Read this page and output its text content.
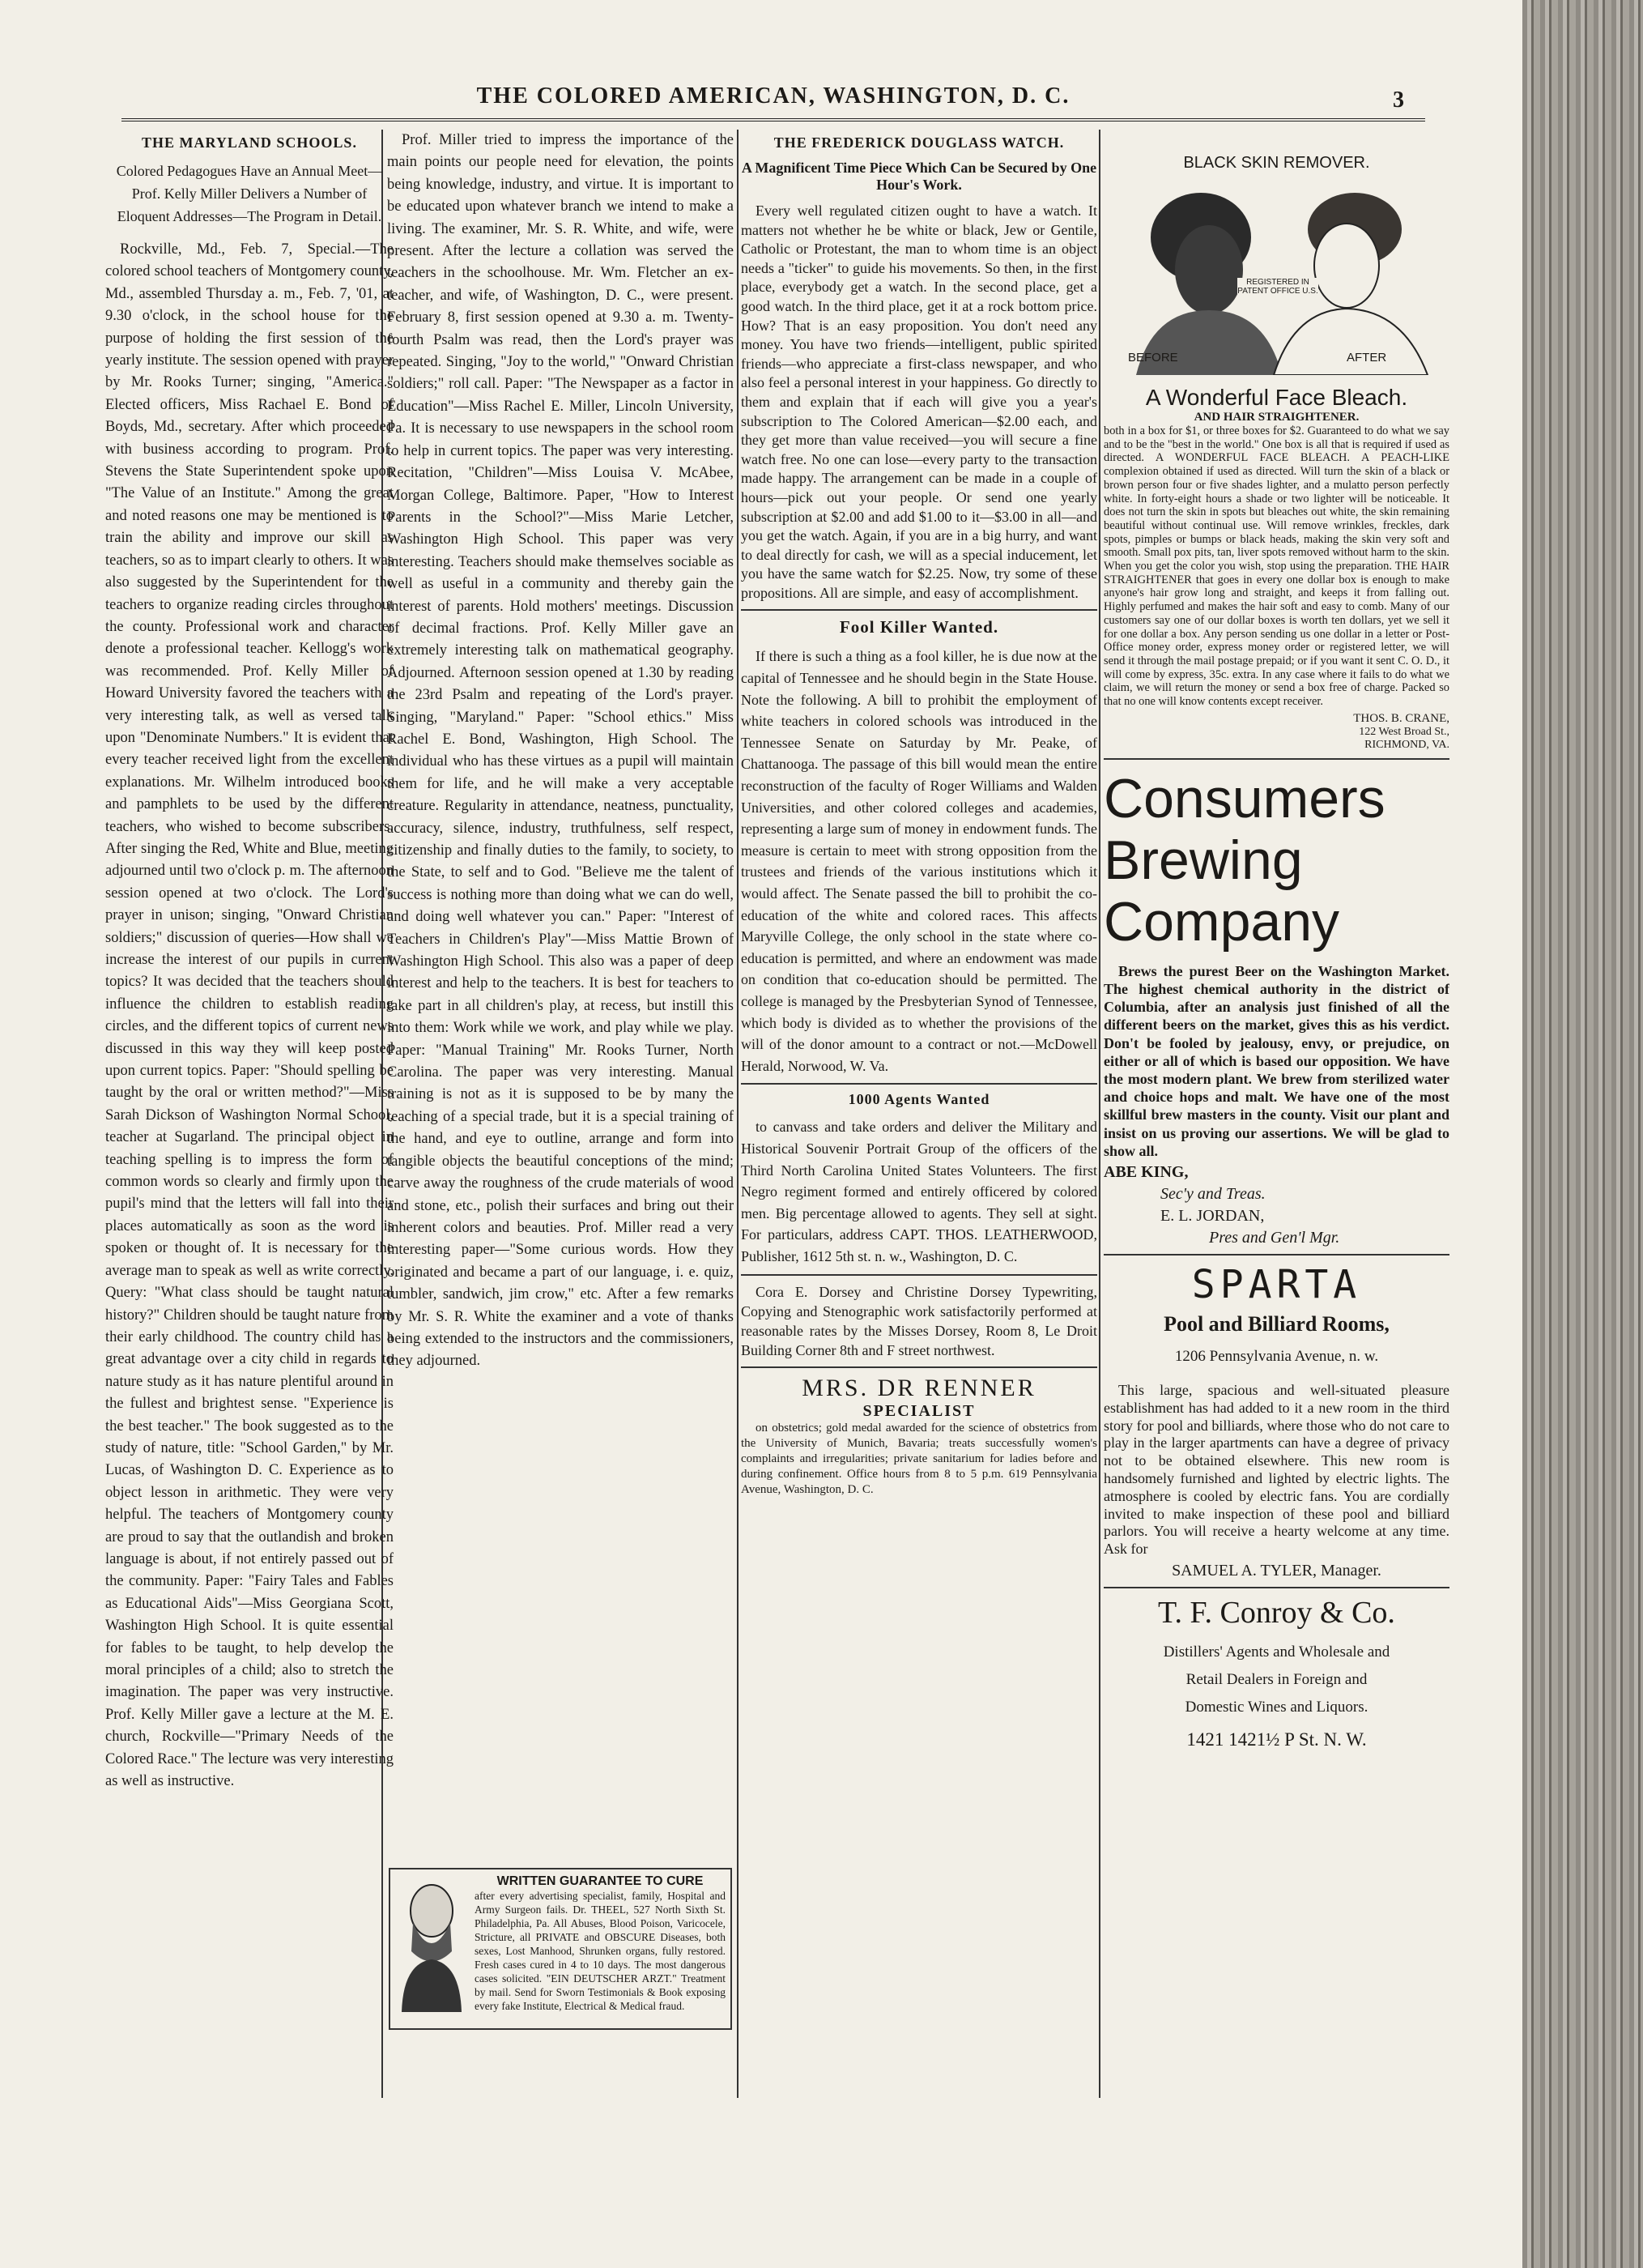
THE COLORED AMERICAN, WASHINGTON, D. C.	3
THE MARYLAND SCHOOLS.
Colored Pedagogues Have an Annual Meet—Prof. Kelly Miller Delivers a Number of Eloquent Addresses—The Program in Detail.

Rockville, Md., Feb. 7, Special.—The colored school teachers of Montgomery county, Md., assembled Thursday a. m., Feb. 7, '01, at 9.30 o'clock, in the school house for the purpose of holding the first session of the yearly institute. The session opened with prayer by Mr. Rooks Turner; singing, "America." Elected officers, Miss Rachael E. Bond of Boyds, Md., secretary. After which proceeded with business according to program. Prof. Stevens the State Superintendent spoke upon "The Value of an Institute." Among the great and noted reasons one may be mentioned is to train the ability and improve our skill as teachers, so as to impart clearly to others. It was also suggested by the Superintendent for the teachers to organize reading circles throughout the county. Professional work and character denote a professional teacher. Kellogg's work was recommended. Prof. Kelly Miller of Howard University favored the teachers with a very interesting talk, as well as versed talk upon "Denominate Numbers." It is evident that every teacher received light from the excellent explanations. Mr. Wilhelm introduced books and pamphlets to be used by the different teachers, who wished to become subscribers. After singing the Red, White and Blue, meeting adjourned until two o'clock p. m. The afternoon session opened at two o'clock. The Lord's prayer in unison; singing, "Onward Christian soldiers;" discussion of queries—How shall we increase the interest of our pupils in current topics? It was decided that the teachers should influence the children to establish reading circles, and the different topics of current news discussed in this way they will keep posted upon current topics. Paper: "Should spelling be taught by the oral or written method?"—Miss Sarah Dickson of Washington Normal School, teacher at Sugarland. The principal object in teaching spelling is to impress the form of common words so clearly and firmly upon the pupil's mind that the letters will fall into their places automatically as soon as the word is spoken or thought of. It is necessary for the average man to speak as well as write correctly. Query: "What class should be taught natural history?" Children should be taught nature from their early childhood. The country child has a great advantage over a city child in regards to nature study as it has nature plentiful around in the fullest and brightest sense. "Experience is the best teacher." The book suggested as to the study of nature, title: "School Garden," by Mr. Lucas, of Washington D. C. Experience as to object lesson in arithmetic. They were very helpful. The teachers of Montgomery county are proud to say that the outlandish and broken language is about, if not entirely passed out of the community. Paper: "Fairy Tales and Fables as Educational Aids"—Miss Georgiana Scott, Washington High School. It is quite essential for fables to be taught, to help develop the moral principles of a child; also to stretch the imagination. The paper was very instructive. Prof. Kelly Miller gave a lecture at the M. E. church, Rockville—"Primary Needs of the Colored Race." The lecture was very interesting as well as instructive.

Prof. Miller tried to impress the importance of the main points our people need for elevation, the points being knowledge, industry, and virtue. It is important to be educated upon whatever branch we intend to make a living. The examiner, Mr. S. R. White, and wife, were present. After the lecture a collation was served the teachers in the schoolhouse. Mr. Wm. Fletcher an ex-teacher, and wife, of Washington, D. C., were present. February 8, first session opened at 9.30 a. m. Twenty-fourth Psalm was read, then the Lord's prayer was repeated. Singing, "Joy to the world," "Onward Christian soldiers;" roll call. Paper: "The Newspaper as a factor in Education"—Miss Rachel E. Miller, Lincoln University, Pa. It is necessary to use newspapers in the school room to help in current topics. The paper was very interesting. Recitation, "Children"—Miss Louisa V. McAbee, Morgan College, Baltimore. Paper, "How to Interest Parents in the School?"—Miss Marie Letcher, Washington High School. This paper was very interesting. Teachers should make themselves sociable as well as useful in a community and thereby gain the interest of parents. Hold mothers' meetings. Discussion of decimal fractions. Prof. Kelly Miller gave an extremely interesting talk on mathematical geography. Adjourned. Afternoon session opened at 1.30 by reading the 23rd Psalm and repeating of the Lord's prayer. Singing, "Maryland." Paper: "School ethics." Miss Rachel E. Bond, Washington, High School. The individual who has these virtues as a pupil will maintain them for life, and he will make a very acceptable creature. Regularity in attendance, neatness, punctuality, accuracy, silence, industry, truthfulness, self respect, citizenship and finally duties to the family, to society, to the State, to self and to God. "Believe me the talent of success is nothing more than doing what we can do well, and doing well whatever you can." Paper: "Interest of Teachers in Children's Play"—Miss Mattie Brown of Washington High School. This also was a paper of deep interest and help to the teachers. It is best for teachers to take part in all children's play, at recess, but instill this into them: Work while we work, and play while we play. Paper: "Manual Training" Mr. Rooks Turner, North Carolina. The paper was very interesting. Manual training is not as it is supposed to be by many the teaching of a special trade, but it is a special training of the hand, and eye to outline, arrange and form into tangible objects the beautiful conceptions of the mind; carve away the roughness of the crude materials of wood and stone, etc., polish their surfaces and bring out their inherent colors and beauties. Prof. Miller read a very interesting paper—"Some curious words. How they originated and became a part of our language, i. e. quiz, tumbler, sandwich, jim crow," etc. After a few remarks by Mr. S. R. White the examiner and a vote of thanks being extended to the instructors and the commissioners, they adjourned.

WRITTEN GUARANTEE TO CURE
after every advertising specialist, family, Hospital and Army Surgeon fails. Dr. THEEL, 527 North Sixth St. Philadelphia, Pa. All Abuses, Blood Poison, Varicocele, Stricture, all PRIVATE and OBSCURE Diseases, both sexes, Lost Manhood, Shrunken organs, fully restored. Fresh cases cured in 4 to 10 days. The most dangerous cases solicited. "EIN DEUTSCHER ARZT." Treatment by mail. Send for Sworn Testimonials & Book exposing every fake Institute, Electrical & Medical fraud.
THE FREDERICK DOUGLASS WATCH.
A Magnificent Time Piece Which Can be Secured by One Hour's Work.

Every well regulated citizen ought to have a watch. It matters not whether he be white or black, Jew or Gentile, Catholic or Protestant, the man to whom time is an object needs a "ticker" to guide his movements. So then, in the first place, everybody get a watch. In the second place, get a good watch. In the third place, get it at a rock bottom price. How? That is an easy proposition. You don't need any money. You have two friends—intelligent, public spirited friends—who appreciate a first-class newspaper, and who also feel a personal interest in your happiness. Go directly to them and explain that if each will give you a year's subscription to The Colored American—$2.00 each, and they get more than value received—you will secure a fine watch free. No one can lose—every party to the transaction made happy. The arrangement can be made in a couple of hours—pick out your people. Or send one yearly subscription at $2.00 and add $1.00 to it—$3.00 in all—and you get the watch. Again, if you are in a big hurry, and want to deal directly for cash, we will as a special inducement, let you have the same watch for $2.25. Now, try some of these propositions. All are simple, and easy of accomplishment.

Fool Killer Wanted.

If there is such a thing as a fool killer, he is due now at the capital of Tennessee and he should begin in the State House. Note the following. A bill to prohibit the employment of white teachers in colored schools was introduced in the Tennessee Senate on Saturday by Mr. Peake, of Chattanooga. The passage of this bill would mean the entire reconstruction of the faculty of Roger Williams and Walden Universities, and other colored colleges and academies, representing a large sum of money in endowment funds. The measure is certain to meet with strong opposition from the trustees and friends of the various institutions which it would affect. The Senate passed the bill to prohibit the co-education of the white and colored races. This affects Maryville College, the only school in the state where co-education is permitted, and where an endowment was made on condition that co-education should be permitted. The college is managed by the Presbyterian Synod of Tennessee, which body is divided as to whether the provisions of the will of the donor amount to a contract or not.—McDowell Herald, Norwood, W. Va.

1000 Agents Wanted

to canvass and take orders and deliver the Military and Historical Souvenir Portrait Group of the officers of the Third North Carolina United States Volunteers. The first Negro regiment formed and entirely officered by colored men. Big percentage allowed to agents. They sell at sight. For particulars, address CAPT. THOS. LEATHERWOOD, Publisher, 1612 5th st. n. w., Washington, D. C.

Cora E. Dorsey and Christine Dorsey Typewriting, Copying and Stenographic work satisfactorily performed at reasonable rates by the Misses Dorsey, Room 8, Le Droit Building Corner 8th and F street northwest.

MRS. DR RENNER
SPECIALIST

on obstetrics; gold medal awarded for the science of obstetrics from the University of Munich, Bavaria; treats successfully women's complaints and irregularities; private sanitarium for ladies before and during confinement. Office hours from 8 to 5 p.m. 619 Pennsylvania Avenue, Washington, D. C.

BLACK SKIN REMOVER.
BEFORE	AFTER
REGISTERED IN PATENT OFFICE U.S.
A Wonderful Face Bleach.
AND HAIR STRAIGHTENER.

both in a box for $1, or three boxes for $2. Guaranteed to do what we say and to be the "best in the world." One box is all that is required if used as directed. A WONDERFUL FACE BLEACH. A PEACH-LIKE complexion obtained if used as directed. Will turn the skin of a black or brown person four or five shades lighter, and a mulatto person perfectly white. In forty-eight hours a shade or two lighter will be noticeable. It does not turn the skin in spots but bleaches out white, the skin remaining beautiful without continual use. Will remove wrinkles, freckles, dark spots, pimples or bumps or black heads, making the skin very soft and smooth. Small pox pits, tan, liver spots removed without harm to the skin. When you get the color you wish, stop using the preparation. THE HAIR STRAIGHTENER that goes in every one dollar box is enough to make anyone's hair grow long and straight, and keeps it from falling out. Highly perfumed and makes the hair soft and easy to comb. Many of our customers say one of our dollar boxes is worth ten dollars, yet we sell it for one dollar a box. Any person sending us one dollar in a letter or Post-Office money order, express money order or registered letter, we will send it through the mail postage prepaid; or if you want it sent C. O. D., it will come by express, 35c. extra. In any case where it fails to do what we claim, we will return the money or send a box free of charge. Packed so that no one will know contents except receiver.

THOS. B. CRANE,
122 West Broad St.,
RICHMOND, VA.
Consumers
Brewing
Company

Brews the purest Beer on the Washington Market. The highest chemical authority in the district of Columbia, after an analysis just finished of all the different beers on the market, gives this as his verdict. Don't be fooled by jealousy, envy, or prejudice, on either or all of which is based our opposition. We have the most modern plant. We brew from sterilized water and choice hops and malt. We have one of the most skillful brew masters in the county. Visit our plant and insist on us proving our assertions. We will be glad to show all.

ABE KING,
Sec'y and Treas.
E. L. JORDAN,
Pres and Gen'l Mgr.
SPARTA
Pool and Billiard Rooms,
1206 Pennsylvania Avenue, n. w.

This large, spacious and well-situated pleasure establishment has had added to it a new room in the third story for pool and billiards, where those who do not care to play in the larger apartments can have a degree of privacy not to be obtained elsewhere. This new room is handsomely furnished and lighted by electric lights. The atmosphere is cooled by electric fans. You are cordially invited to make inspection of these pool and billiard parlors. You will receive a hearty welcome at any time. Ask for

SAMUEL A. TYLER, Manager.
T. F. Conroy & Co.
Distillers' Agents and Wholesale and
Retail Dealers in Foreign and
Domestic Wines and Liquors.
1421 1421½ P St. N. W.
